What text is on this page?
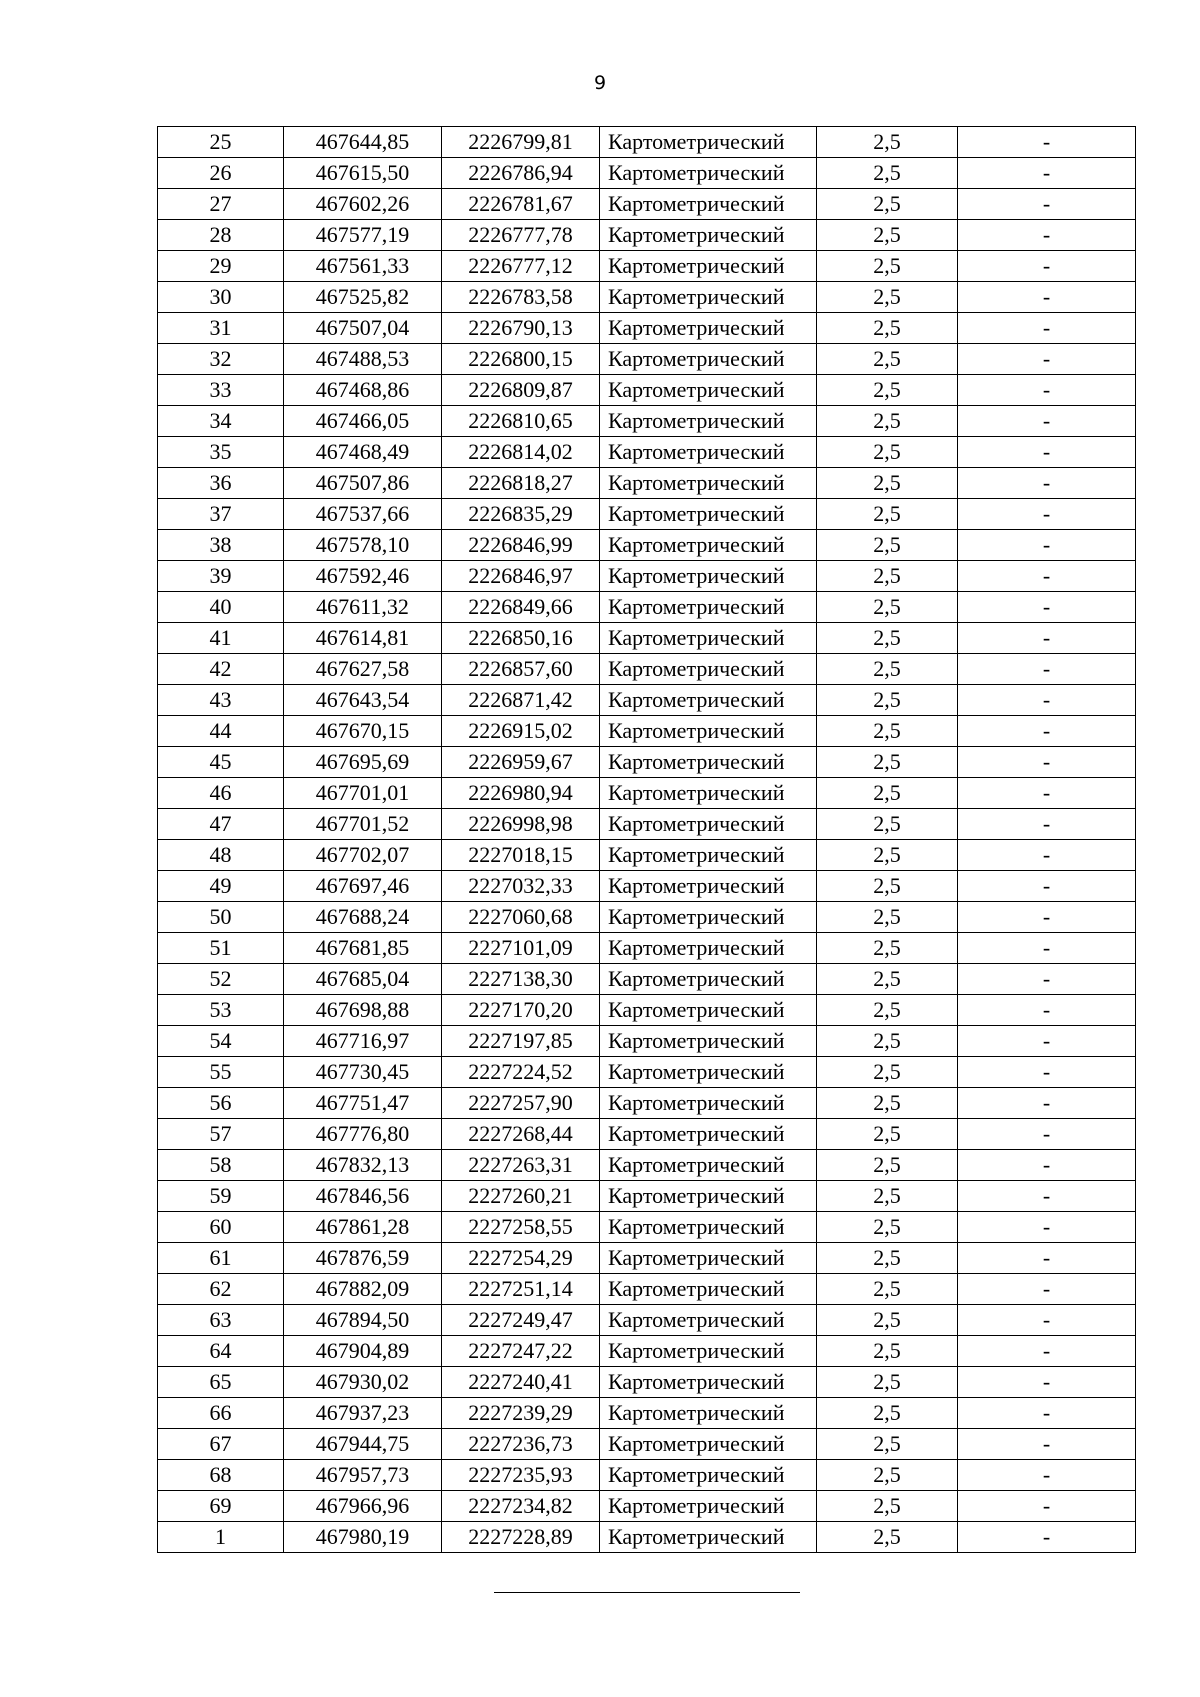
9
25	467644,85	2226799,81	Картометрический	2,5	-
26	467615,50	2226786,94	Картометрический	2,5	-
27	467602,26	2226781,67	Картометрический	2,5	-
28	467577,19	2226777,78	Картометрический	2,5	-
29	467561,33	2226777,12	Картометрический	2,5	-
30	467525,82	2226783,58	Картометрический	2,5	-
31	467507,04	2226790,13	Картометрический	2,5	-
32	467488,53	2226800,15	Картометрический	2,5	-
33	467468,86	2226809,87	Картометрический	2,5	-
34	467466,05	2226810,65	Картометрический	2,5	-
35	467468,49	2226814,02	Картометрический	2,5	-
36	467507,86	2226818,27	Картометрический	2,5	-
37	467537,66	2226835,29	Картометрический	2,5	-
38	467578,10	2226846,99	Картометрический	2,5	-
39	467592,46	2226846,97	Картометрический	2,5	-
40	467611,32	2226849,66	Картометрический	2,5	-
41	467614,81	2226850,16	Картометрический	2,5	-
42	467627,58	2226857,60	Картометрический	2,5	-
43	467643,54	2226871,42	Картометрический	2,5	-
44	467670,15	2226915,02	Картометрический	2,5	-
45	467695,69	2226959,67	Картометрический	2,5	-
46	467701,01	2226980,94	Картометрический	2,5	-
47	467701,52	2226998,98	Картометрический	2,5	-
48	467702,07	2227018,15	Картометрический	2,5	-
49	467697,46	2227032,33	Картометрический	2,5	-
50	467688,24	2227060,68	Картометрический	2,5	-
51	467681,85	2227101,09	Картометрический	2,5	-
52	467685,04	2227138,30	Картометрический	2,5	-
53	467698,88	2227170,20	Картометрический	2,5	-
54	467716,97	2227197,85	Картометрический	2,5	-
55	467730,45	2227224,52	Картометрический	2,5	-
56	467751,47	2227257,90	Картометрический	2,5	-
57	467776,80	2227268,44	Картометрический	2,5	-
58	467832,13	2227263,31	Картометрический	2,5	-
59	467846,56	2227260,21	Картометрический	2,5	-
60	467861,28	2227258,55	Картометрический	2,5	-
61	467876,59	2227254,29	Картометрический	2,5	-
62	467882,09	2227251,14	Картометрический	2,5	-
63	467894,50	2227249,47	Картометрический	2,5	-
64	467904,89	2227247,22	Картометрический	2,5	-
65	467930,02	2227240,41	Картометрический	2,5	-
66	467937,23	2227239,29	Картометрический	2,5	-
67	467944,75	2227236,73	Картометрический	2,5	-
68	467957,73	2227235,93	Картометрический	2,5	-
69	467966,96	2227234,82	Картометрический	2,5	-
1	467980,19	2227228,89	Картометрический	2,5	-
